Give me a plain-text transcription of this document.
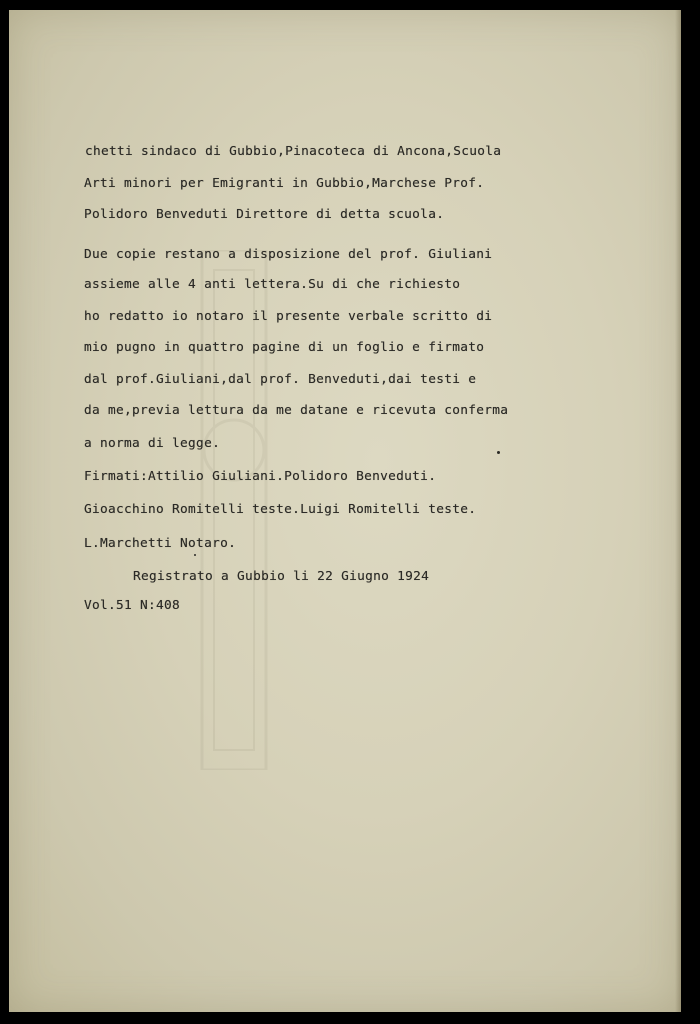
chetti sindaco di Gubbio,Pinacoteca di Ancona,Scuola
Arti minori per Emigranti in Gubbio,Marchese Prof.
Polidoro Benveduti Direttore di detta scuola.
Due copie restano a disposizione del prof. Giuliani
assieme alle 4 anti lettera.Su di che richiesto
ho redatto io notaro il presente verbale scritto di
mio pugno in quattro pagine di un foglio e firmato
dal prof.Giuliani,dal prof. Benveduti,dai testi e
da me,previa lettura da me datane e ricevuta conferma
a norma di legge.
Firmati:Attilio Giuliani.Polidoro Benveduti.
Gioacchino Romitelli teste.Luigi Romitelli teste.
L.Marchetti Notaro.
Registrato a Gubbio li 22 Giugno 1924
Vol.51 N:408
